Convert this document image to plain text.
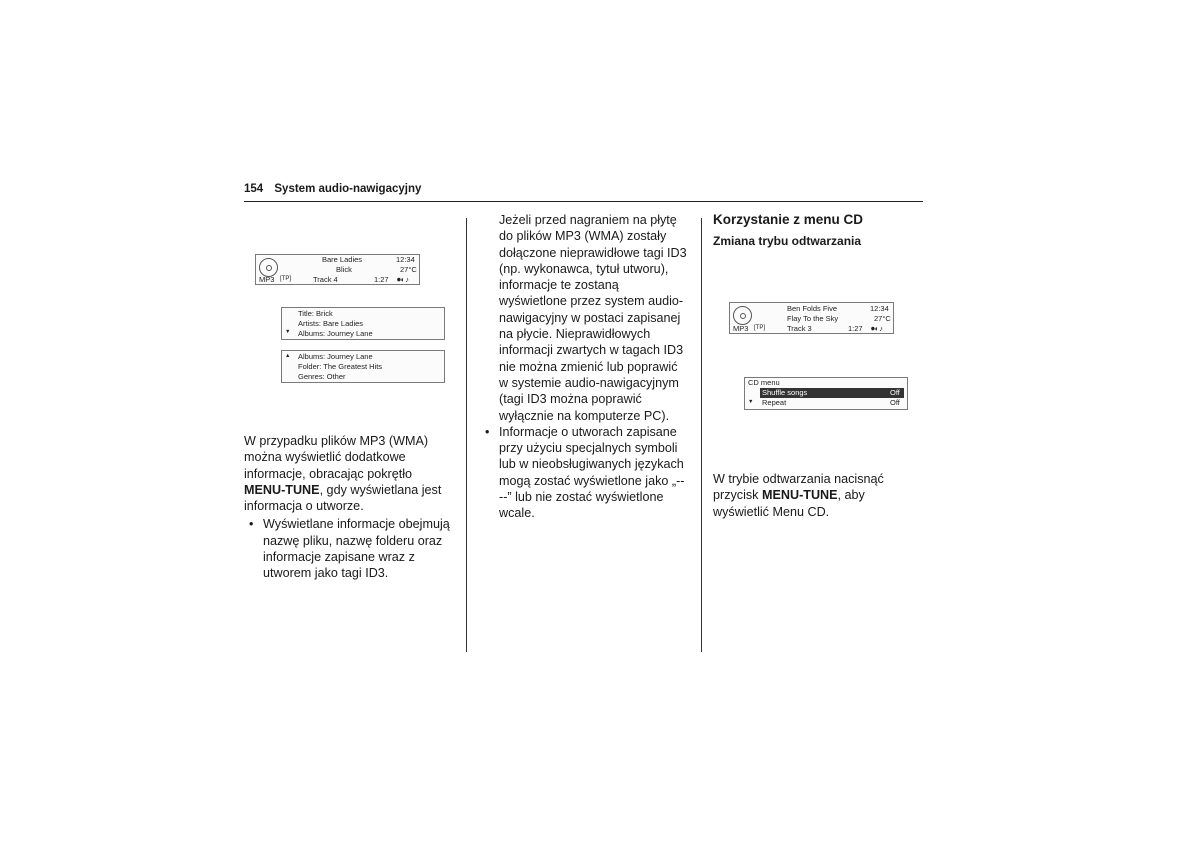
154 System audio-nawigacyjny
Bare Ladies	12:34
Blick	27°C
MP3 [TP]	Track 4	1:27 ⏺◐♪
Title: Brick
Artists: Bare Ladies
▼ Albums: Journey Lane
▲ Albums: Journey Lane
Folder: The Greatest Hits
Genres: Other

W przypadku plików MP3 (WMA) można wyświetlić dodatkowe informacje, obracając pokrętło MENU-TUNE, gdy wyświetlana jest informacja o utworze.

• Wyświetlane informacje obejmują nazwę pliku, nazwę folderu oraz informacje zapisane wraz z utworem jako tagi ID3.

Jeżeli przed nagraniem na płytę do plików MP3 (WMA) zostały dołączone nieprawidłowe tagi ID3 (np. wykonawca, tytuł utworu), informacje te zostaną wyświetlone przez system audio-nawigacyjny w postaci zapisanej na płycie. Nieprawidłowych informacji zwartych w tagach ID3 nie można zmienić lub poprawić w systemie audio-nawigacyjnym (tagi ID3 można poprawić wyłącznie na komputerze PC).

• Informacje o utworach zapisane przy użyciu specjalnych symboli lub w nieobsługiwanych językach mogą zostać wyświetlone jako „----” lub nie zostać wyświetlone wcale.
Korzystanie z menu CD
Zmiana trybu odtwarzania
Ben Folds Five	12:34
Flay To the Sky	27°C
MP3 [TP]	Track 3	1:27 ⏺◐♪
CD menu
Shuffle songs	Off
▼ Repeat	Off

W trybie odtwarzania nacisnąć przycisk MENU-TUNE, aby wyświetlić Menu CD.
